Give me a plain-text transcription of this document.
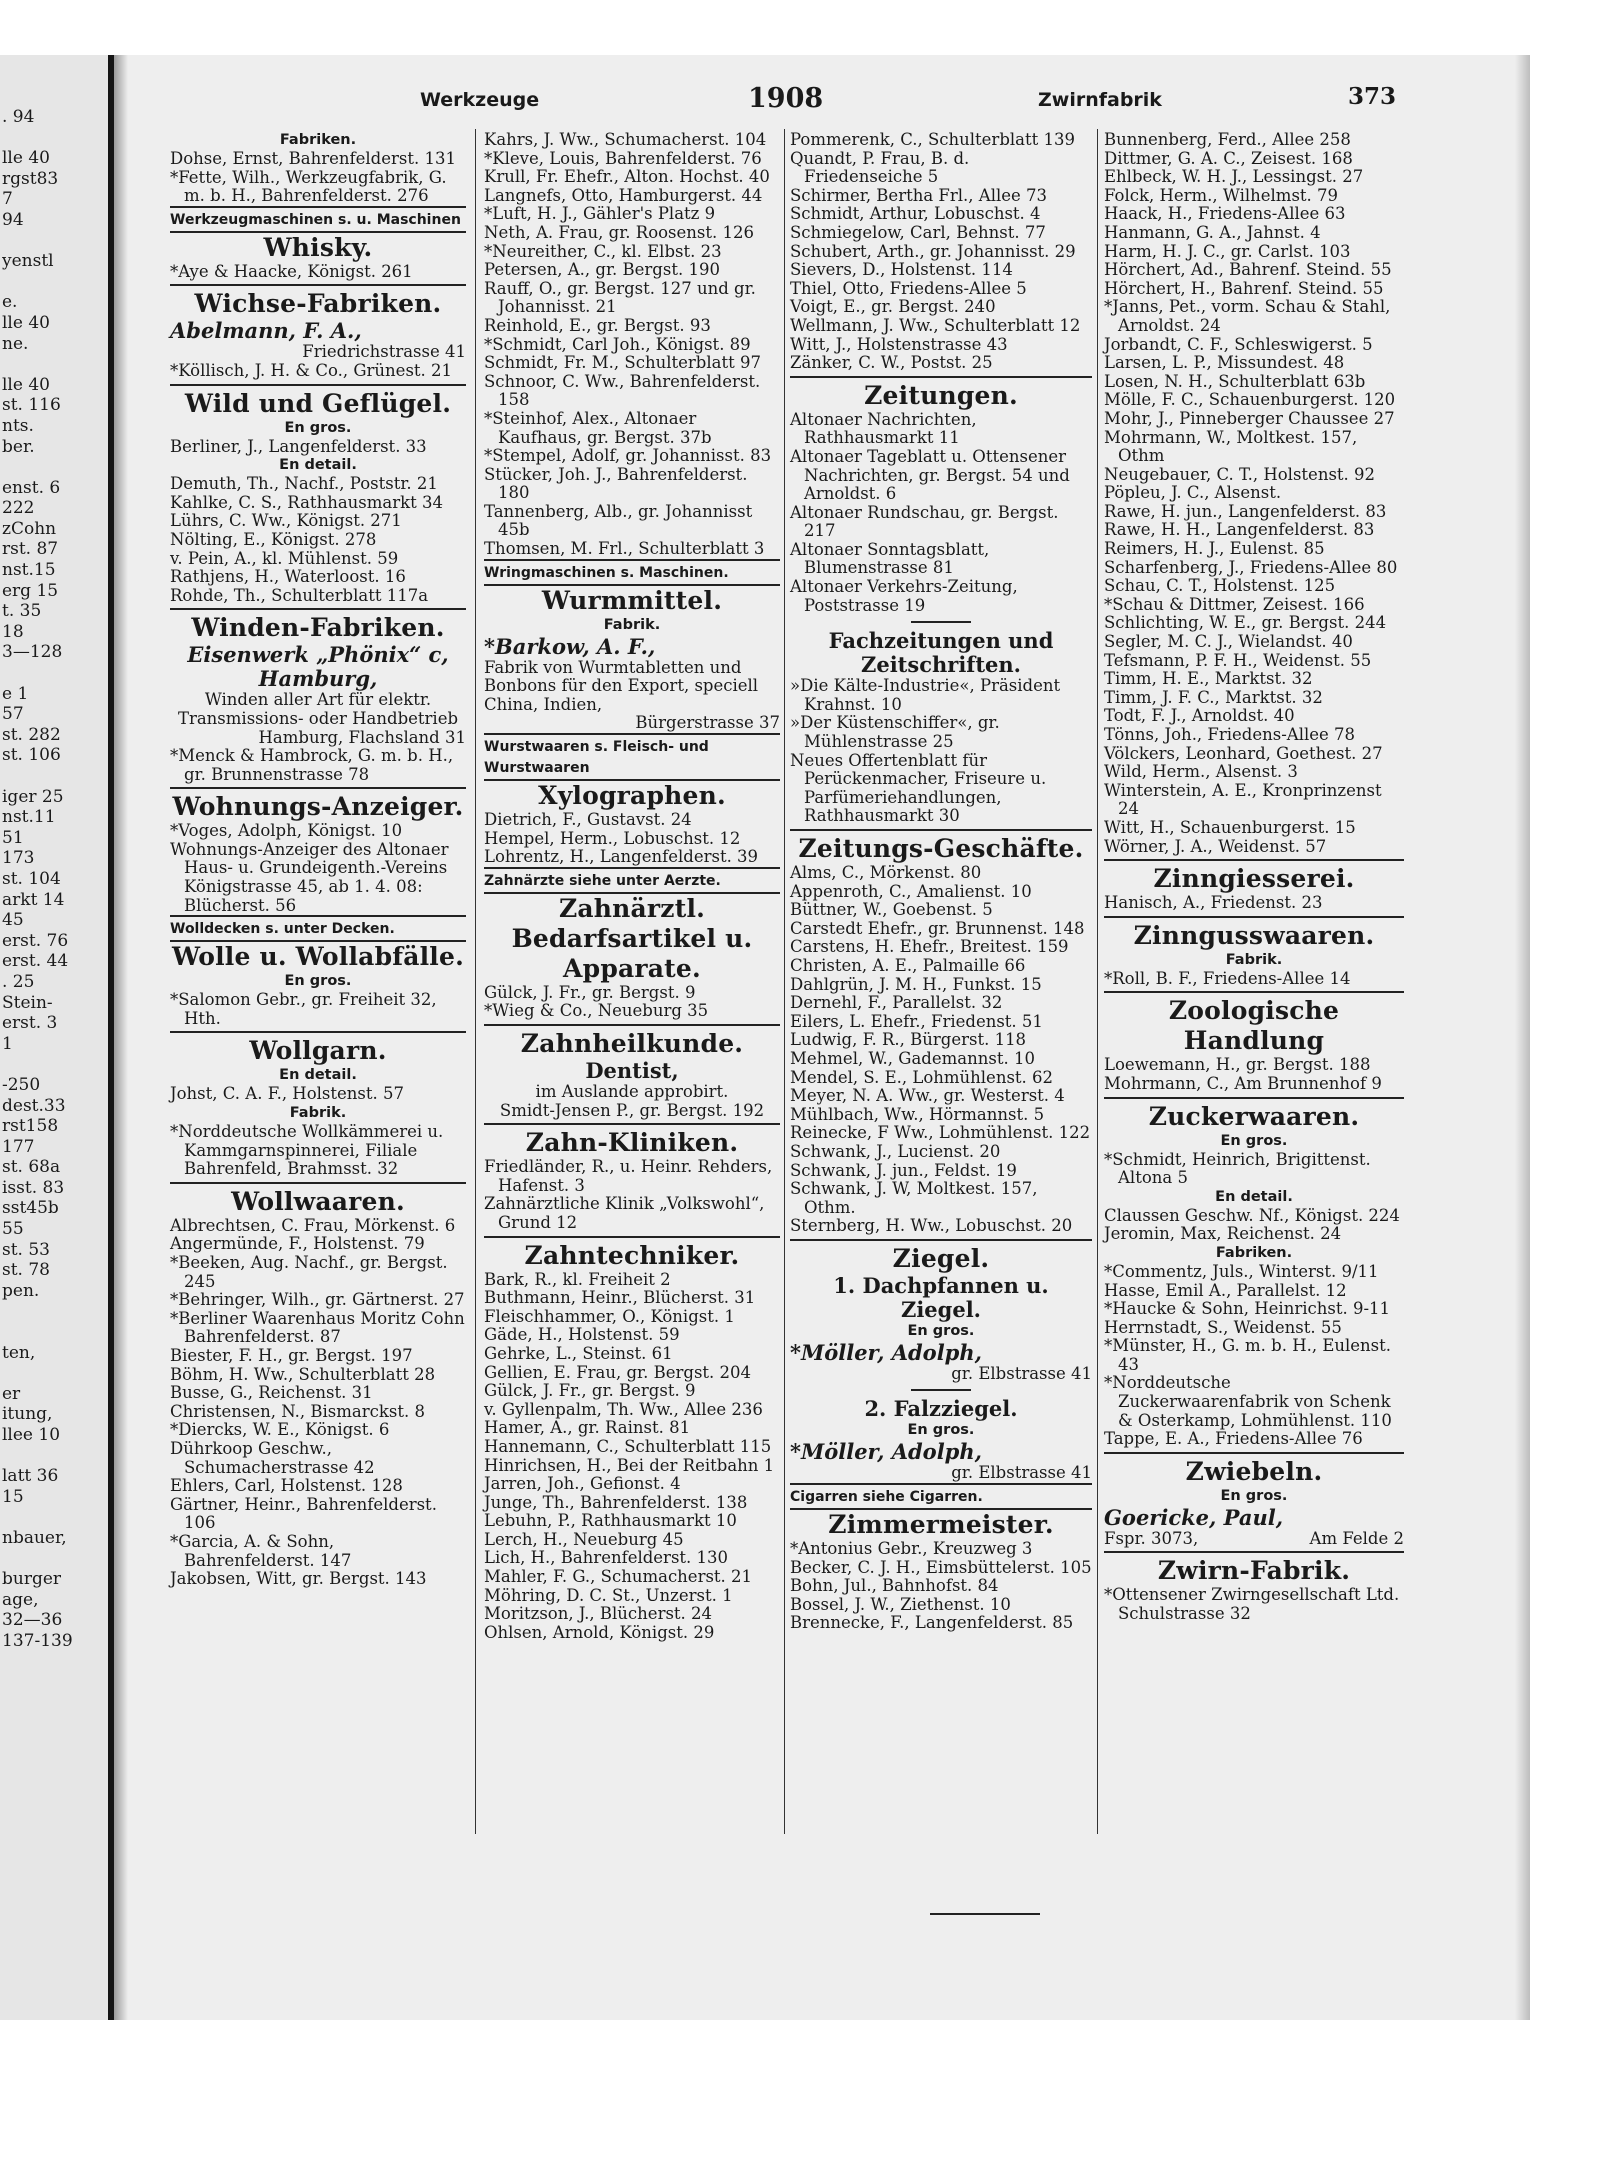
. 94
lle 40
rgst83
7
94
yenstl
e.
lle 40
ne.
lle 40
st. 116
nts.
ber.
enst. 6
222
zCohn
rst. 87
nst.15
erg 15
t. 35
18
3—128
e 1
57
st. 282
st. 106
iger 25
nst.11
51
173
st. 104
arkt 14
45
erst. 76
erst. 44
. 25
Stein-
erst. 3
1
-250
dest.33
rst158
177
st. 68a
isst. 83
sst45b
55
st. 53
st. 78
pen.
ten,
er
itung,
llee 10
latt 36
15
nbauer,
burger
age,
32—36
137-139
Werkzeuge	1908	Zwirnfabrik	373
Fabriken.
Dohse, Ernst, Bahrenfelderst. 131
*Fette, Wilh., Werkzeugfabrik, G. m. b. H., Bahrenfelderst. 276
Werkzeugmaschinen s. u. Maschinen
Whisky.
*Aye & Haacke, Königst. 261
Wichse-Fabriken.
Abelmann, F. A.,
Friedrichstrasse 41
*Köllisch, J. H. & Co., Grünest. 21
Wild und Geflügel.
En gros.
Berliner, J., Langenfelderst. 33
En detail.
Demuth, Th., Nachf., Poststr. 21
Kahlke, C. S., Rathhausmarkt 34
Lührs, C. Ww., Königst. 271
Nölting, E., Königst. 278
v. Pein, A., kl. Mühlenst. 59
Rathjens, H., Waterloost. 16
Rohde, Th., Schulterblatt 117a
Winden-Fabriken.
Eisenwerk „Phönix“ c, Hamburg,
Winden aller Art für elektr. Transmissions- oder Handbetrieb
Hamburg, Flachsland 31
*Menck & Hambrock, G. m. b. H., gr. Brunnenstrasse 78
Wohnungs-Anzeiger.
*Voges, Adolph, Königst. 10
Wohnungs-Anzeiger des Altonaer Haus- u. Grundeigenth.-Vereins Königstrasse 45, ab 1. 4. 08: Blücherst. 56
Wolldecken s. unter Decken.
Wolle u. Wollabfälle.
En gros.
*Salomon Gebr., gr. Freiheit 32, Hth.
Wollgarn.
En detail.
Johst, C. A. F., Holstenst. 57
Fabrik.
*Norddeutsche Wollkämmerei u. Kammgarnspinnerei, Filiale Bahrenfeld, Brahmsst. 32
Wollwaaren.
Albrechtsen, C. Frau, Mörkenst. 6
Angermünde, F., Holstenst. 79
*Beeken, Aug. Nachf., gr. Bergst. 245
*Behringer, Wilh., gr. Gärtnerst. 27
*Berliner Waarenhaus Moritz Cohn Bahrenfelderst. 87
Biester, F. H., gr. Bergst. 197
Böhm, H. Ww., Schulterblatt 28
Busse, G., Reichenst. 31
Christensen, N., Bismarckst. 8
*Diercks, W. E., Königst. 6
Dührkoop Geschw., Schumacherstrasse 42
Ehlers, Carl, Holstenst. 128
Gärtner, Heinr., Bahrenfelderst. 106
*Garcia, A. & Sohn, Bahrenfelderst. 147
Jakobsen, Witt, gr. Bergst. 143
Kahrs, J. Ww., Schumacherst. 104
*Kleve, Louis, Bahrenfelderst. 76
Krull, Fr. Ehefr., Alton. Hochst. 40
Langnefs, Otto, Hamburgerst. 44
*Luft, H. J., Gähler's Platz 9
Neth, A. Frau, gr. Roosenst. 126
*Neureither, C., kl. Elbst. 23
Petersen, A., gr. Bergst. 190
Rauff, O., gr. Bergst. 127 und gr. Johannisst. 21
Reinhold, E., gr. Bergst. 93
*Schmidt, Carl Joh., Königst. 89
Schmidt, Fr. M., Schulterblatt 97
Schnoor, C. Ww., Bahrenfelderst. 158
*Steinhof, Alex., Altonaer Kaufhaus, gr. Bergst. 37b
*Stempel, Adolf, gr. Johannisst. 83
Stücker, Joh. J., Bahrenfelderst. 180
Tannenberg, Alb., gr. Johannisst 45b
Thomsen, M. Frl., Schulterblatt 3
Wringmaschinen s. Maschinen.
Wurmmittel.
Fabrik.
*Barkow, A. F.,
Fabrik von Wurmtabletten und Bonbons für den Export, speciell China, Indien,
Bürgerstrasse 37
Wurstwaaren s. Fleisch- und Wurstwaaren
Xylographen.
Dietrich, F., Gustavst. 24
Hempel, Herm., Lobuschst. 12
Lohrentz, H., Langenfelderst. 39
Zahnärzte siehe unter Aerzte.
Zahnärztl. Bedarfsartikel u. Apparate.
Gülck, J. Fr., gr. Bergst. 9
*Wieg & Co., Neueburg 35
Zahnheilkunde.
Dentist,
im Auslande approbirt.
Smidt-Jensen P., gr. Bergst. 192
Zahn-Kliniken.
Friedländer, R., u. Heinr. Rehders, Hafenst. 3
Zahnärztliche Klinik „Volkswohl“, Grund 12
Zahntechniker.
Bark, R., kl. Freiheit 2
Buthmann, Heinr., Blücherst. 31
Fleischhammer, O., Königst. 1
Gäde, H., Holstenst. 59
Gehrke, L., Steinst. 61
Gellien, E. Frau, gr. Bergst. 204
Gülck, J. Fr., gr. Bergst. 9
v. Gyllenpalm, Th. Ww., Allee 236
Hamer, A., gr. Rainst. 81
Hannemann, C., Schulterblatt 115
Hinrichsen, H., Bei der Reitbahn 1
Jarren, Joh., Gefionst. 4
Junge, Th., Bahrenfelderst. 138
Lebuhn, P., Rathhausmarkt 10
Lerch, H., Neueburg 45
Lich, H., Bahrenfelderst. 130
Mahler, F. G., Schumacherst. 21
Möhring, D. C. St., Unzerst. 1
Moritzson, J., Blücherst. 24
Ohlsen, Arnold, Königst. 29
Pommerenk, C., Schulterblatt 139
Quandt, P. Frau, B. d. Friedenseiche 5
Schirmer, Bertha Frl., Allee 73
Schmidt, Arthur, Lobuschst. 4
Schmiegelow, Carl, Behnst. 77
Schubert, Arth., gr. Johannisst. 29
Sievers, D., Holstenst. 114
Thiel, Otto, Friedens-Allee 5
Voigt, E., gr. Bergst. 240
Wellmann, J. Ww., Schulterblatt 12
Witt, J., Holstenstrasse 43
Zänker, C. W., Postst. 25
Zeitungen.
Altonaer Nachrichten, Rathhausmarkt 11
Altonaer Tageblatt u. Ottensener Nachrichten, gr. Bergst. 54 und Arnoldst. 6
Altonaer Rundschau, gr. Bergst. 217
Altonaer Sonntagsblatt, Blumenstrasse 81
Altonaer Verkehrs-Zeitung, Poststrasse 19
Fachzeitungen und Zeitschriften.
»Die Kälte-Industrie«, Präsident Krahnst. 10
»Der Küstenschiffer«, gr. Mühlenstrasse 25
Neues Offertenblatt für Perückenmacher, Friseure u. Parfümeriehandlungen, Rathhausmarkt 30
Zeitungs-Geschäfte.
Alms, C., Mörkenst. 80
Appenroth, C., Amalienst. 10
Büttner, W., Goebenst. 5
Carstedt Ehefr., gr. Brunnenst. 148
Carstens, H. Ehefr., Breitest. 159
Christen, A. E., Palmaille 66
Dahlgrün, J. M. H., Funkst. 15
Dernehl, F., Parallelst. 32
Eilers, L. Ehefr., Friedenst. 51
Ludwig, F. R., Bürgerst. 118
Mehmel, W., Gademannst. 10
Mendel, S. E., Lohmühlenst. 62
Meyer, N. A. Ww., gr. Westerst. 4
Mühlbach, Ww., Hörmannst. 5
Reinecke, F Ww., Lohmühlenst. 122
Schwank, J., Lucienst. 20
Schwank, J. jun., Feldst. 19
Schwank, J. W, Moltkest. 157, Othm.
Sternberg, H. Ww., Lobuschst. 20
Ziegel.
1. Dachpfannen u. Ziegel.
En gros.
*Möller, Adolph,
gr. Elbstrasse 41
2. Falzziegel.
En gros.
*Möller, Adolph,
gr. Elbstrasse 41
Cigarren siehe Cigarren.
Zimmermeister.
*Antonius Gebr., Kreuzweg 3
Becker, C. J. H., Eimsbüttelerst. 105
Bohn, Jul., Bahnhofst. 84
Bossel, J. W., Ziethenst. 10
Brennecke, F., Langenfelderst. 85
Bunnenberg, Ferd., Allee 258
Dittmer, G. A. C., Zeisest. 168
Ehlbeck, W. H. J., Lessingst. 27
Folck, Herm., Wilhelmst. 79
Haack, H., Friedens-Allee 63
Hanmann, G. A., Jahnst. 4
Harm, H. J. C., gr. Carlst. 103
Hörchert, Ad., Bahrenf. Steind. 55
Hörchert, H., Bahrenf. Steind. 55
*Janns, Pet., vorm. Schau & Stahl, Arnoldst. 24
Jorbandt, C. F., Schleswigerst. 5
Larsen, L. P., Missundest. 48
Losen, N. H., Schulterblatt 63b
Mölle, F. C., Schauenburgerst. 120
Mohr, J., Pinneberger Chaussee 27
Mohrmann, W., Moltkest. 157, Othm
Neugebauer, C. T., Holstenst. 92
Pöpleu, J. C., Alsenst.
Rawe, H. jun., Langenfelderst. 83
Rawe, H. H., Langenfelderst. 83
Reimers, H. J., Eulenst. 85
Scharfenberg, J., Friedens-Allee 80
Schau, C. T., Holstenst. 125
*Schau & Dittmer, Zeisest. 166
Schlichting, W. E., gr. Bergst. 244
Segler, M. C. J., Wielandst. 40
Tefsmann, P. F. H., Weidenst. 55
Timm, H. E., Marktst. 32
Timm, J. F. C., Marktst. 32
Todt, F. J., Arnoldst. 40
Tönns, Joh., Friedens-Allee 78
Völckers, Leonhard, Goethest. 27
Wild, Herm., Alsenst. 3
Winterstein, A. E., Kronprinzenst 24
Witt, H., Schauenburgerst. 15
Wörner, J. A., Weidenst. 57
Zinngiesserei.
Hanisch, A., Friedenst. 23
Zinngusswaaren.
Fabrik.
*Roll, B. F., Friedens-Allee 14
Zoologische Handlung
Loewemann, H., gr. Bergst. 188
Mohrmann, C., Am Brunnenhof 9
Zuckerwaaren.
En gros.
*Schmidt, Heinrich, Brigittenst. Altona 5
En detail.
Claussen Geschw. Nf., Königst. 224
Jeromin, Max, Reichenst. 24
Fabriken.
*Commentz, Juls., Winterst. 9/11
Hasse, Emil A., Parallelst. 12
*Haucke & Sohn, Heinrichst. 9-11
Herrnstadt, S., Weidenst. 55
*Münster, H., G. m. b. H., Eulenst. 43
*Norddeutsche Zuckerwaarenfabrik von Schenk & Osterkamp, Lohmühlenst. 110
Tappe, E. A., Friedens-Allee 76
Zwiebeln.
En gros.
Goericke, Paul,
Fspr. 3073,	Am Felde 2
Zwirn-Fabrik.
*Ottensener Zwirngesellschaft Ltd. Schulstrasse 32
